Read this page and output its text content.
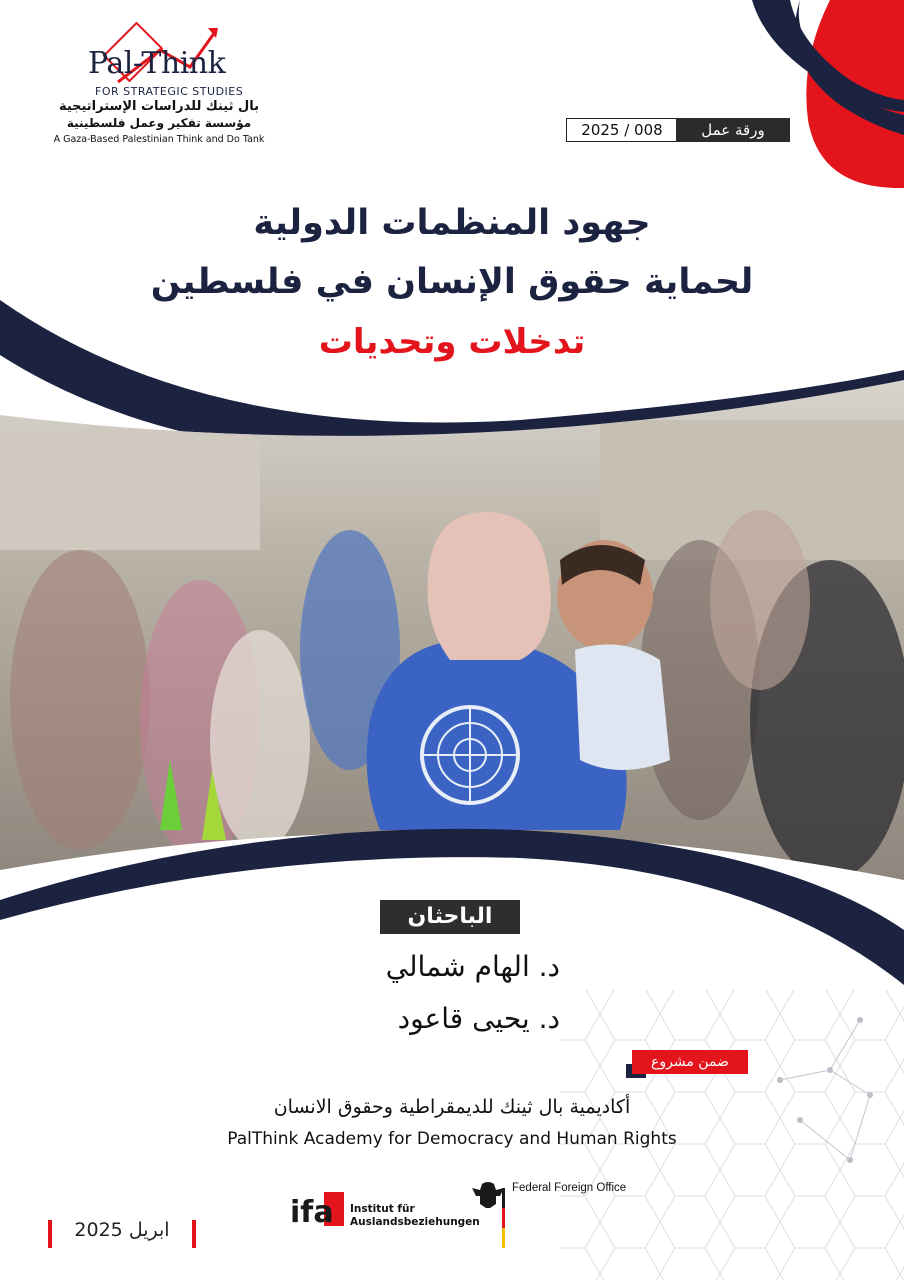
Pal-Think
FOR STRATEGIC STUDIES
بال ثينك للدراسات الإستراتيجية
مؤسسة تفكير وعمل فلسطينية
A Gaza-Based Palestinian Think and Do Tank
2025 / 008	ورقة عمل
جهود المنظمات الدولية
لحماية حقوق الإنسان في فلسطين
تدخلات وتحديات
الباحثان
د. الهام شمالي
د. يحيى قاعود
ضمن مشروع
أكاديمية بال ثينك للديمقراطية وحقوق الانسان
PalThink Academy for Democracy and Human Rights
ابريل 2025	ifa Institut für
Auslandsbeziehungen
Federal Foreign Office
